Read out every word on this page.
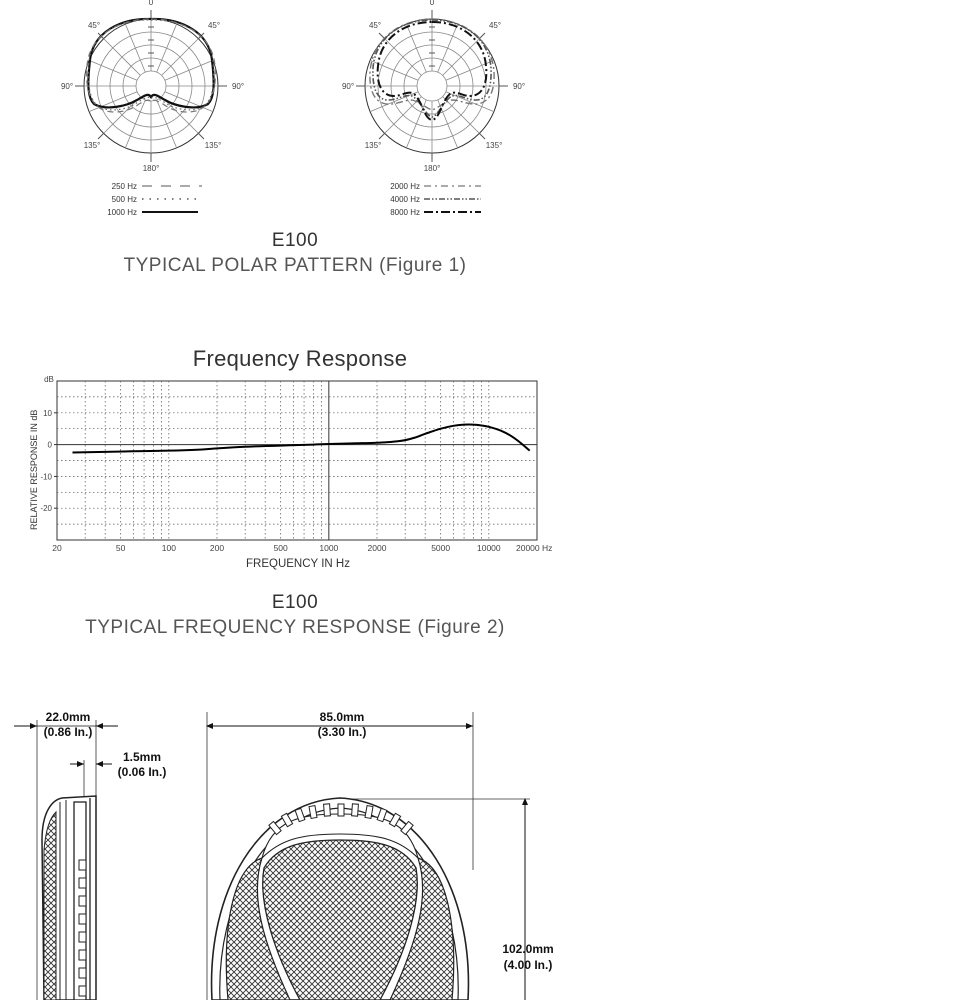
0
45°	45°
90°	90°
135°	135°
180°
0
45°	45°
90°	90°
135°	135°
180°
250 Hz
500 Hz
1000 Hz
2000 Hz
4000 Hz
8000 Hz
E100
TYPICAL POLAR PATTERN (Figure 1)
Frequency Response
10
0
-10
-20
20	50	100	200	500	1000	2000	5000	10000 20000 Hz
dB
RELATIVE RESPONSE IN dB
FREQUENCY IN Hz
E100
TYPICAL FREQUENCY RESPONSE (Figure 2)
22.0mm
(0.86 In.)
1.5mm
(0.06 In.)
85.0mm
(3.30 In.)
102.0mm
(4.00 In.)
